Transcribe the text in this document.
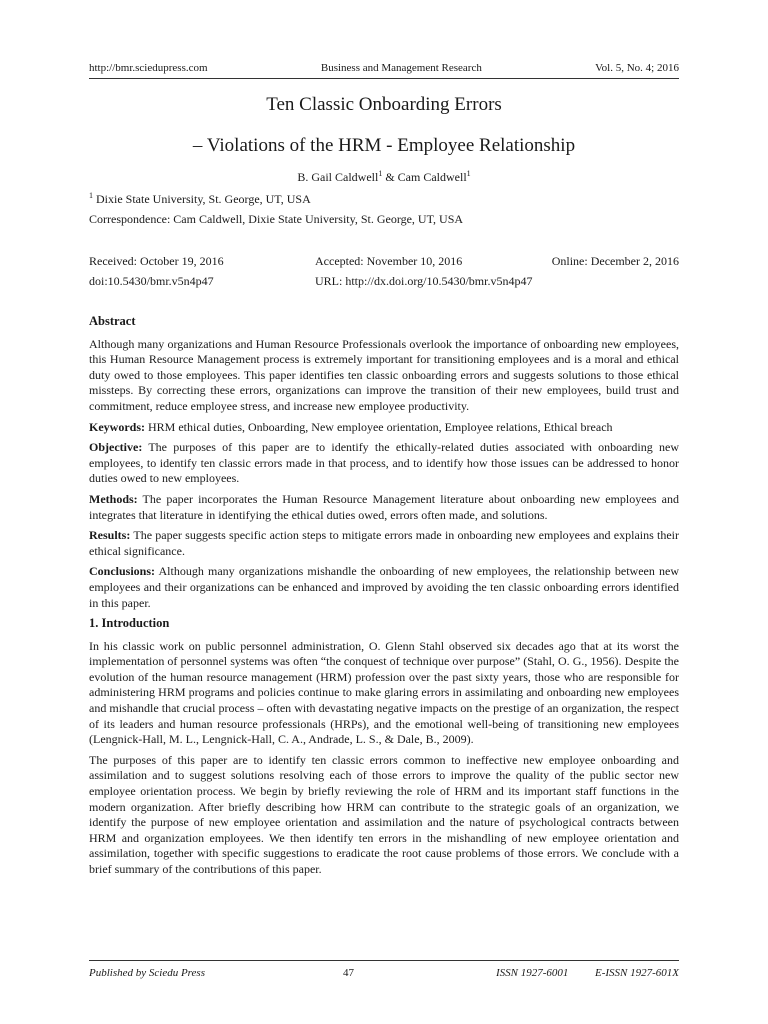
http://bmr.sciedupress.com	Business and Management Research	Vol. 5, No. 4; 2016
Ten Classic Onboarding Errors
– Violations of the HRM - Employee Relationship
B. Gail Caldwell$^1$ & Cam Caldwell$^1$
$^1$ Dixie State University, St. George, UT, USA
Correspondence: Cam Caldwell, Dixie State University, St. George, UT, USA
Received: October 19, 2016	Accepted: November 10, 2016	Online: December 2, 2016
doi:10.5430/bmr.v5n4p47	URL: http://dx.doi.org/10.5430/bmr.v5n4p47
Abstract

Although many organizations and Human Resource Professionals overlook the importance of onboarding new employees, this Human Resource Management process is extremely important for transitioning employees and is a moral and ethical duty owed to those employees. This paper identifies ten classic onboarding errors and suggests solutions to those ethical missteps. By correcting these errors, organizations can improve the transition of their new employees, build trust and commitment, reduce employee stress, and increase new employee productivity.

Keywords: HRM ethical duties, Onboarding, New employee orientation, Employee relations, Ethical breach

Objective: The purposes of this paper are to identify the ethically-related duties associated with onboarding new employees, to identify ten classic errors made in that process, and to identify how those issues can be addressed to honor duties owed to new employees.

Methods: The paper incorporates the Human Resource Management literature about onboarding new employees and integrates that literature in identifying the ethical duties owed, errors often made, and solutions.

Results: The paper suggests specific action steps to mitigate errors made in onboarding new employees and explains their ethical significance.

Conclusions: Although many organizations mishandle the onboarding of new employees, the relationship between new employees and their organizations can be enhanced and improved by avoiding the ten classic onboarding errors identified in this paper.

1. Introduction

In his classic work on public personnel administration, O. Glenn Stahl observed six decades ago that at its worst the implementation of personnel systems was often “the conquest of technique over purpose” (Stahl, O. G., 1956). Despite the evolution of the human resource management (HRM) profession over the past sixty years, those who are responsible for administering HRM programs and policies continue to make glaring errors in assimilating and onboarding new employees and mishandle that crucial process – often with devastating negative impacts on the prestige of an organization, the respect of its leaders and human resource professionals (HRPs), and the emotional well-being of transitioning new employees (Lengnick-Hall, M. L., Lengnick-Hall, C. A., Andrade, L. S., & Dale, B., 2009).

The purposes of this paper are to identify ten classic errors common to ineffective new employee onboarding and assimilation and to suggest solutions resolving each of those errors to improve the quality of the public sector new employee orientation process. We begin by briefly reviewing the role of HRM and its important staff functions in the modern organization. After briefly describing how HRM can contribute to the strategic goals of an organization, we identify the purpose of new employee orientation and assimilation and the nature of psychological contracts between HRM and organization employees. We then identify ten errors in the mishandling of new employee orientation and assimilation, together with specific suggestions to eradicate the root cause problems of those errors. We conclude with a brief summary of the contributions of this paper.

Published by Sciedu Press	47	ISSN 1927-6001 E-ISSN 1927-601X
